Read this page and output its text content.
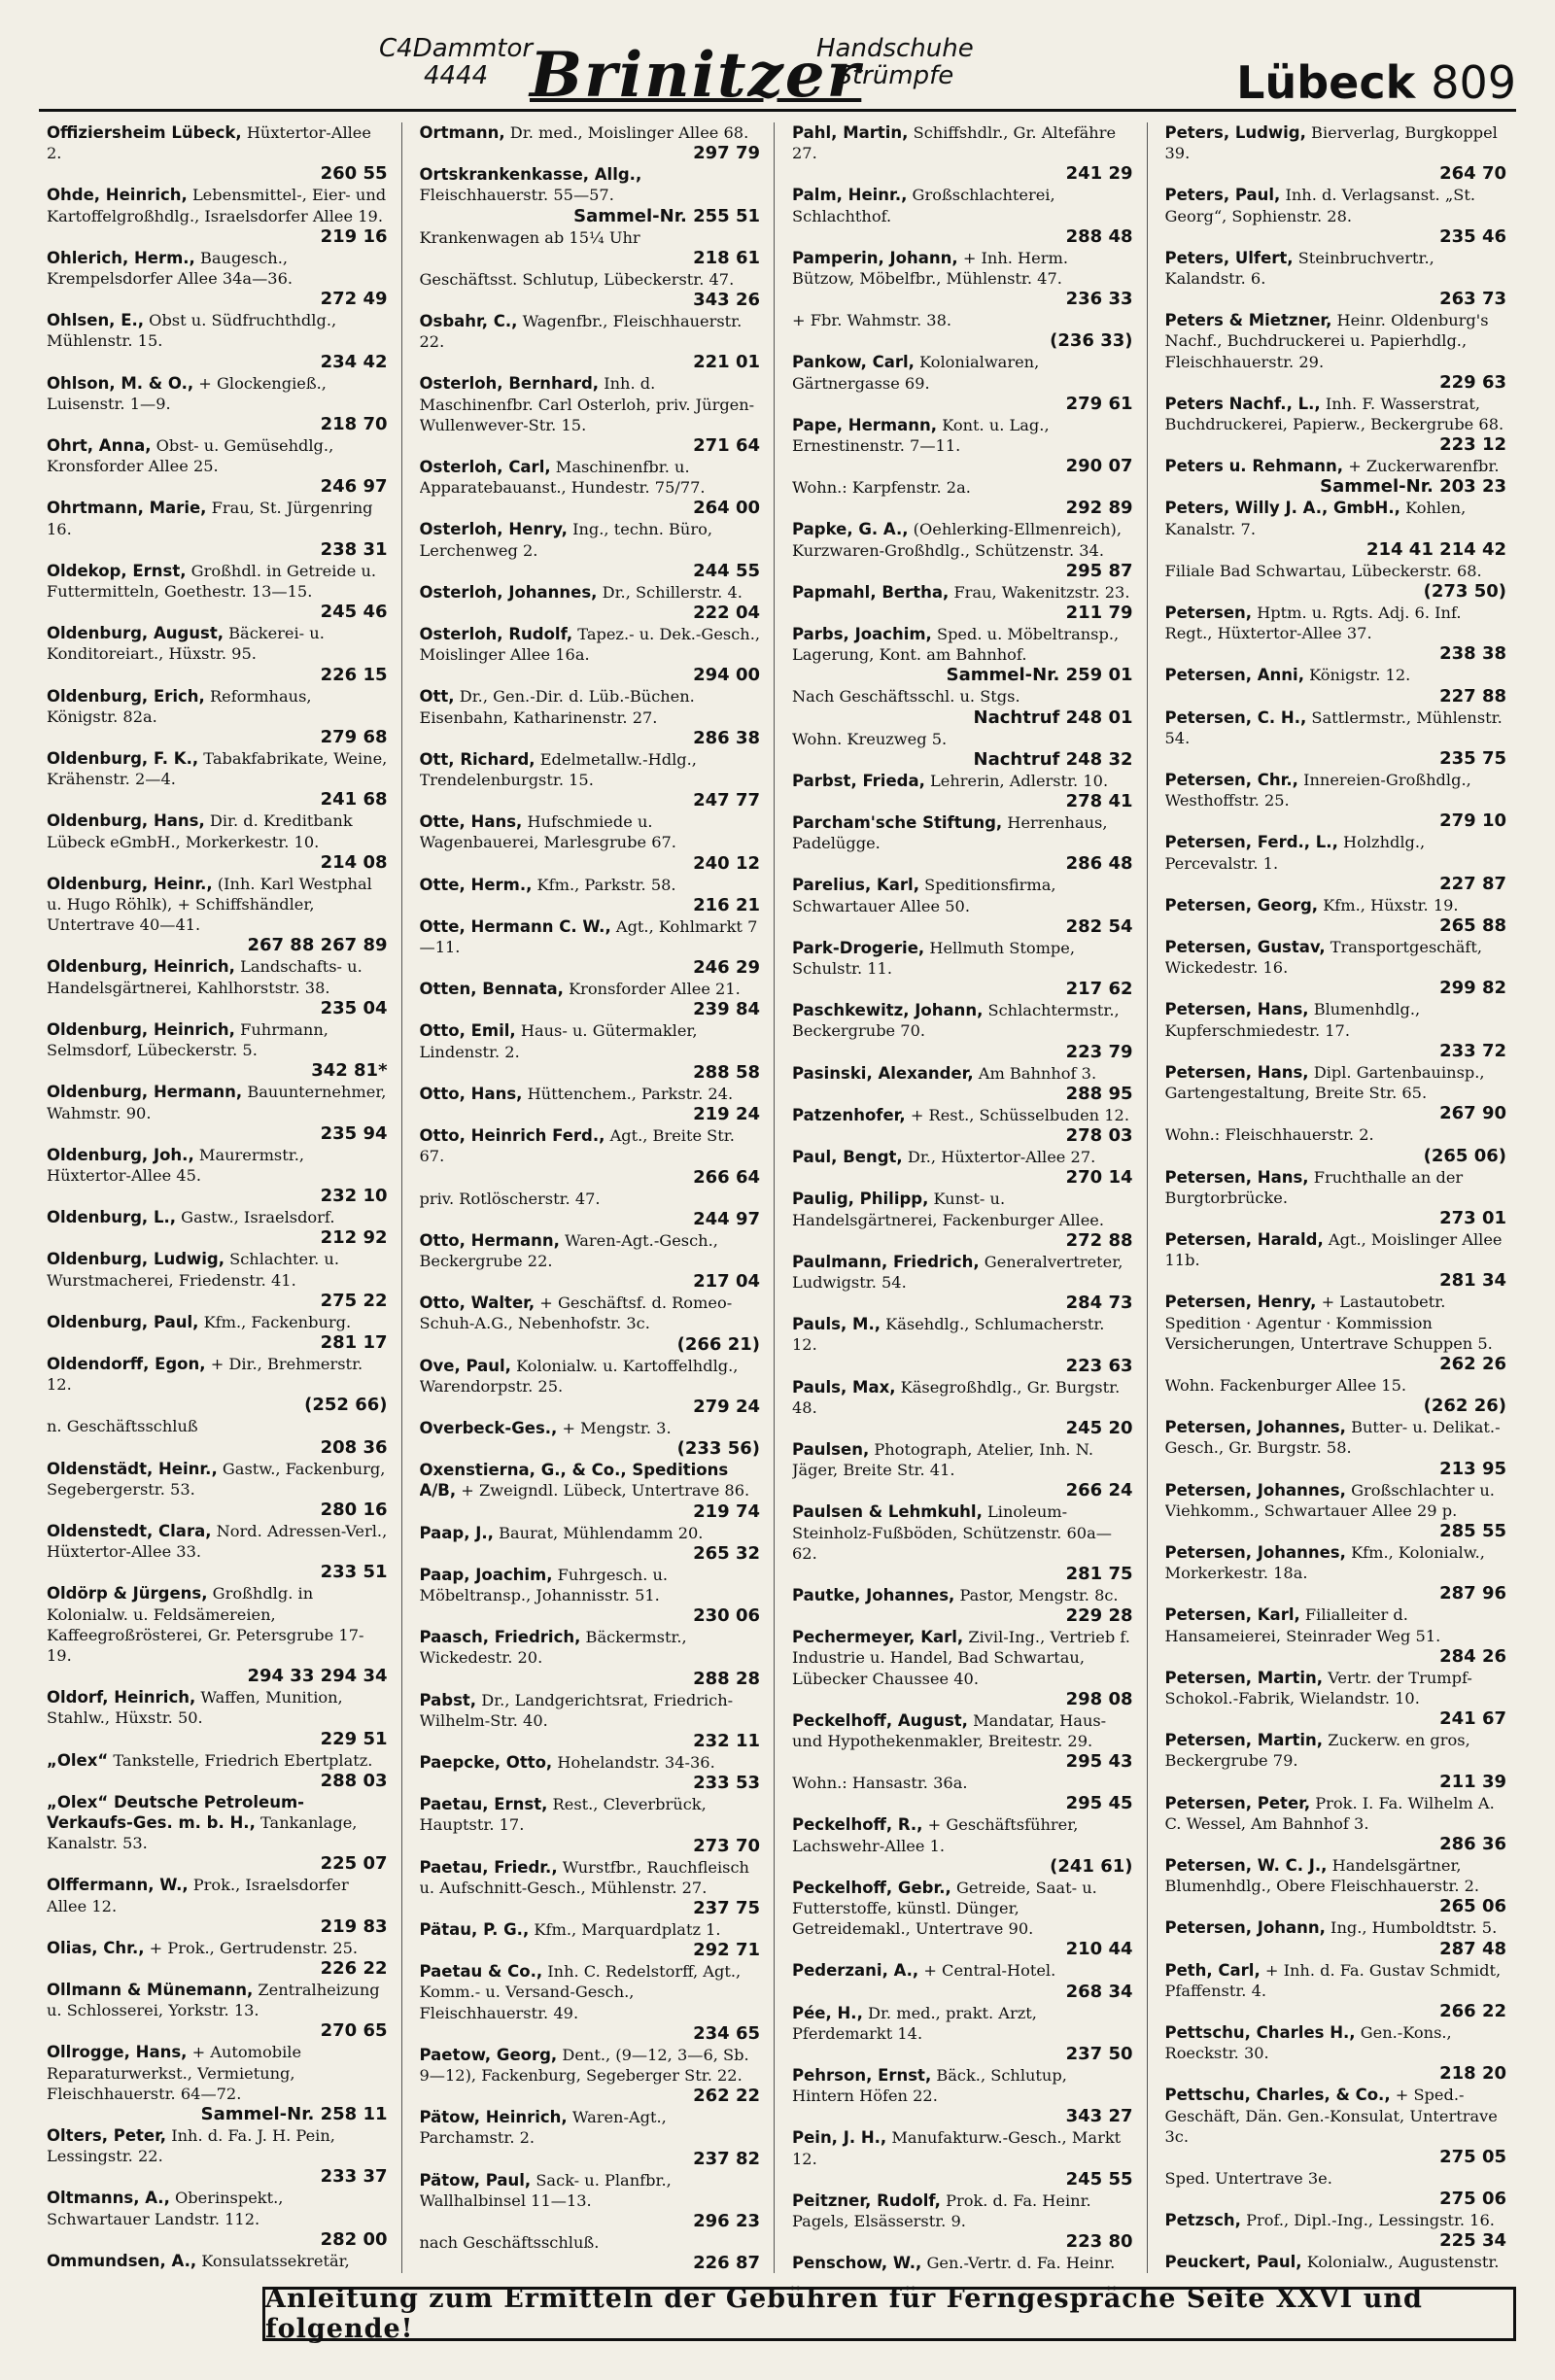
C4Dammtor
4444 Brinitzer
Handschuhe
Strümpfe	Lübeck 809
Offiziersheim Lübeck, Hüxtertor-Allee 2.
260 55
Ohde, Heinrich, Lebensmittel-, Eier- und Kartoffelgroßhdlg., Israelsdorfer Allee 19.
219 16
Ohlerich, Herm., Baugesch., Krempelsdorfer Allee 34a—36.
272 49
Ohlsen, E., Obst u. Südfruchthdlg., Mühlenstr. 15.
234 42
Ohlson, M. & O., + Glockengieß., Luisenstr. 1—9.
218 70
Ohrt, Anna, Obst- u. Gemüsehdlg., Kronsforder Allee 25.
246 97
Ohrtmann, Marie, Frau, St. Jürgenring 16.
238 31
Oldekop, Ernst, Großhdl. in Getreide u. Futtermitteln, Goethestr. 13—15.
245 46
Oldenburg, August, Bäckerei- u. Konditoreiart., Hüxstr. 95.
226 15
Oldenburg, Erich, Reformhaus, Königstr. 82a.
279 68
Oldenburg, F. K., Tabakfabrikate, Weine, Krähenstr. 2—4.
241 68
Oldenburg, Hans, Dir. d. Kreditbank Lübeck eGmbH., Morkerkestr. 10.
214 08
Oldenburg, Heinr., (Inh. Karl Westphal u. Hugo Röhlk), + Schiffshändler, Untertrave 40—41.
267 88 267 89
Oldenburg, Heinrich, Landschafts- u. Handelsgärtnerei, Kahlhorststr. 38.
235 04
Oldenburg, Heinrich, Fuhrmann, Selmsdorf, Lübeckerstr. 5.
342 81*
Oldenburg, Hermann, Bauunternehmer, Wahmstr. 90.
235 94
Oldenburg, Joh., Maurermstr., Hüxtertor-Allee 45.
232 10
Oldenburg, L., Gastw., Israelsdorf.
212 92
Oldenburg, Ludwig, Schlachter. u. Wurstmacherei, Friedenstr. 41.
275 22
Oldenburg, Paul, Kfm., Fackenburg.
281 17
Oldendorff, Egon, + Dir., Brehmerstr. 12.
(252 66)
n. Geschäftsschluß
208 36
Oldenstädt, Heinr., Gastw., Fackenburg, Segebergerstr. 53.
280 16
Oldenstedt, Clara, Nord. Adressen-Verl., Hüxtertor-Allee 33.
233 51
Oldörp & Jürgens, Großhdlg. in Kolonialw. u. Feldsämereien, Kaffeegroßrösterei, Gr. Petersgrube 17-19.
294 33 294 34
Oldorf, Heinrich, Waffen, Munition, Stahlw., Hüxstr. 50.
229 51
„Olex“ Tankstelle, Friedrich Ebertplatz.
288 03
„Olex“ Deutsche Petroleum-Verkaufs-Ges. m. b. H., Tankanlage, Kanalstr. 53.
225 07
Olffermann, W., Prok., Israelsdorfer Allee 12.
219 83
Olias, Chr., + Prok., Gertrudenstr. 25.
226 22
Ollmann & Münemann, Zentralheizung u. Schlosserei, Yorkstr. 13.
270 65
Ollrogge, Hans, + Automobile Reparaturwerkst., Vermietung, Fleischhauerstr. 64—72.
Sammel-Nr. 258 11
Olters, Peter, Inh. d. Fa. J. H. Pein, Lessingstr. 22.
233 37
Oltmanns, A., Oberinspekt., Schwartauer Landstr. 112.
282 00
Ommundsen, A., Konsulatssekretär,
Ortmann, Dr. med., Moislinger Allee 68.
297 79
Ortskrankenkasse, Allg., Fleischhauerstr. 55—57.
Sammel-Nr. 255 51
Krankenwagen ab 15¼ Uhr
218 61
Geschäftsst. Schlutup, Lübeckerstr. 47.
343 26
Osbahr, C., Wagenfbr., Fleischhauerstr. 22.
221 01
Osterloh, Bernhard, Inh. d. Maschinenfbr. Carl Osterloh, priv. Jürgen-Wullenwever-Str. 15.
271 64
Osterloh, Carl, Maschinenfbr. u. Apparatebauanst., Hundestr. 75/77.
264 00
Osterloh, Henry, Ing., techn. Büro, Lerchenweg 2.
244 55
Osterloh, Johannes, Dr., Schillerstr. 4.
222 04
Osterloh, Rudolf, Tapez.- u. Dek.-Gesch., Moislinger Allee 16a.
294 00
Ott, Dr., Gen.-Dir. d. Lüb.-Büchen. Eisenbahn, Katharinenstr. 27.
286 38
Ott, Richard, Edelmetallw.-Hdlg., Trendelenburgstr. 15.
247 77
Otte, Hans, Hufschmiede u. Wagenbauerei, Marlesgrube 67.
240 12
Otte, Herm., Kfm., Parkstr. 58.
216 21
Otte, Hermann C. W., Agt., Kohlmarkt 7—11.
246 29
Otten, Bennata, Kronsforder Allee 21.
239 84
Otto, Emil, Haus- u. Gütermakler, Lindenstr. 2.
288 58
Otto, Hans, Hüttenchem., Parkstr. 24.
219 24
Otto, Heinrich Ferd., Agt., Breite Str. 67.
266 64
priv. Rotlöscherstr. 47.
244 97
Otto, Hermann, Waren-Agt.-Gesch., Beckergrube 22.
217 04
Otto, Walter, + Geschäftsf. d. Romeo-Schuh-A.G., Nebenhofstr. 3c.
(266 21)
Ove, Paul, Kolonialw. u. Kartoffelhdlg., Warendorpstr. 25.
279 24
Overbeck-Ges., + Mengstr. 3.
(233 56)
Oxenstierna, G., & Co., Speditions A/B, + Zweigndl. Lübeck, Untertrave 86.
219 74
Paap, J., Baurat, Mühlendamm 20.
265 32
Paap, Joachim, Fuhrgesch. u. Möbeltransp., Johannisstr. 51.
230 06
Paasch, Friedrich, Bäckermstr., Wickedestr. 20.
288 28
Pabst, Dr., Landgerichtsrat, Friedrich-Wilhelm-Str. 40.
232 11
Paepcke, Otto, Hohelandstr. 34-36.
233 53
Paetau, Ernst, Rest., Cleverbrück, Hauptstr. 17.
273 70
Paetau, Friedr., Wurstfbr., Rauchfleisch u. Aufschnitt-Gesch., Mühlenstr. 27.
237 75
Pätau, P. G., Kfm., Marquardplatz 1.
292 71
Paetau & Co., Inh. C. Redelstorff, Agt., Komm.- u. Versand-Gesch., Fleischhauerstr. 49.
234 65
Paetow, Georg, Dent., (9—12, 3—6, Sb. 9—12), Fackenburg, Segeberger Str. 22.
262 22
Pätow, Heinrich, Waren-Agt., Parchamstr. 2.
237 82
Pätow, Paul, Sack- u. Planfbr., Wallhalbinsel 11—13.
296 23
nach Geschäftsschluß.
226 87
Pahl, Martin, Schiffshdlr., Gr. Altefähre 27.
241 29
Palm, Heinr., Großschlachterei, Schlachthof.
288 48
Pamperin, Johann, + Inh. Herm. Bützow, Möbelfbr., Mühlenstr. 47.
236 33
+ Fbr. Wahmstr. 38.
(236 33)
Pankow, Carl, Kolonialwaren, Gärtnergasse 69.
279 61
Pape, Hermann, Kont. u. Lag., Ernestinenstr. 7—11.
290 07
Wohn.: Karpfenstr. 2a.
292 89
Papke, G. A., (Oehlerking-Ellmenreich), Kurzwaren-Großhdlg., Schützenstr. 34.
295 87
Papmahl, Bertha, Frau, Wakenitzstr. 23.
211 79
Parbs, Joachim, Sped. u. Möbeltransp., Lagerung, Kont. am Bahnhof.
Sammel-Nr. 259 01
Nach Geschäftsschl. u. Stgs.
Nachtruf 248 01
Wohn. Kreuzweg 5.
Nachtruf 248 32
Parbst, Frieda, Lehrerin, Adlerstr. 10.
278 41
Parcham'sche Stiftung, Herrenhaus, Padelügge.
286 48
Parelius, Karl, Speditionsfirma, Schwartauer Allee 50.
282 54
Park-Drogerie, Hellmuth Stompe, Schulstr. 11.
217 62
Paschkewitz, Johann, Schlachtermstr., Beckergrube 70.
223 79
Pasinski, Alexander, Am Bahnhof 3.
288 95
Patzenhofer, + Rest., Schüsselbuden 12.
278 03
Paul, Bengt, Dr., Hüxtertor-Allee 27.
270 14
Paulig, Philipp, Kunst- u. Handelsgärtnerei, Fackenburger Allee.
272 88
Paulmann, Friedrich, Generalvertreter, Ludwigstr. 54.
284 73
Pauls, M., Käsehdlg., Schlumacherstr. 12.
223 63
Pauls, Max, Käsegroßhdlg., Gr. Burgstr. 48.
245 20
Paulsen, Photograph, Atelier, Inh. N. Jäger, Breite Str. 41.
266 24
Paulsen & Lehmkuhl, Linoleum-Steinholz-Fußböden, Schützenstr. 60a—62.
281 75
Pautke, Johannes, Pastor, Mengstr. 8c.
229 28
Pechermeyer, Karl, Zivil-Ing., Vertrieb f. Industrie u. Handel, Bad Schwartau, Lübecker Chaussee 40.
298 08
Peckelhoff, August, Mandatar, Haus- und Hypothekenmakler, Breitestr. 29.
295 43
Wohn.: Hansastr. 36a.
295 45
Peckelhoff, R., + Geschäftsführer, Lachswehr-Allee 1.
(241 61)
Peckelhoff, Gebr., Getreide, Saat- u. Futterstoffe, künstl. Dünger, Getreidemakl., Untertrave 90.
210 44
Pederzani, A., + Central-Hotel.
268 34
Pée, H., Dr. med., prakt. Arzt, Pferdemarkt 14.
237 50
Pehrson, Ernst, Bäck., Schlutup, Hintern Höfen 22.
343 27
Pein, J. H., Manufakturw.-Gesch., Markt 12.
245 55
Peitzner, Rudolf, Prok. d. Fa. Heinr. Pagels, Elsässerstr. 9.
223 80
Penschow, W., Gen.-Vertr. d. Fa. Heinr.
Peters, Ludwig, Bierverlag, Burgkoppel 39.
264 70
Peters, Paul, Inh. d. Verlagsanst. „St. Georg“, Sophienstr. 28.
235 46
Peters, Ulfert, Steinbruchvertr., Kalandstr. 6.
263 73
Peters & Mietzner, Heinr. Oldenburg's Nachf., Buchdruckerei u. Papierhdlg., Fleischhauerstr. 29.
229 63
Peters Nachf., L., Inh. F. Wasserstrat, Buchdruckerei, Papierw., Beckergrube 68.
223 12
Peters u. Rehmann, + Zuckerwarenfbr.
Sammel-Nr. 203 23
Peters, Willy J. A., GmbH., Kohlen, Kanalstr. 7.
214 41 214 42
Filiale Bad Schwartau, Lübeckerstr. 68.
(273 50)
Petersen, Hptm. u. Rgts. Adj. 6. Inf. Regt., Hüxtertor-Allee 37.
238 38
Petersen, Anni, Königstr. 12.
227 88
Petersen, C. H., Sattlermstr., Mühlenstr. 54.
235 75
Petersen, Chr., Innereien-Großhdlg., Westhoffstr. 25.
279 10
Petersen, Ferd., L., Holzhdlg., Percevalstr. 1.
227 87
Petersen, Georg, Kfm., Hüxstr. 19.
265 88
Petersen, Gustav, Transportgeschäft, Wickedestr. 16.
299 82
Petersen, Hans, Blumenhdlg., Kupferschmiedestr. 17.
233 72
Petersen, Hans, Dipl. Gartenbauinsp., Gartengestaltung, Breite Str. 65.
267 90
Wohn.: Fleischhauerstr. 2.
(265 06)
Petersen, Hans, Fruchthalle an der Burgtorbrücke.
273 01
Petersen, Harald, Agt., Moislinger Allee 11b.
281 34
Petersen, Henry, + Lastautobetr. Spedition · Agentur · Kommission Versicherungen, Untertrave Schuppen 5.
262 26
Wohn. Fackenburger Allee 15.
(262 26)
Petersen, Johannes, Butter- u. Delikat.-Gesch., Gr. Burgstr. 58.
213 95
Petersen, Johannes, Großschlachter u. Viehkomm., Schwartauer Allee 29 p.
285 55
Petersen, Johannes, Kfm., Kolonialw., Morkerkestr. 18a.
287 96
Petersen, Karl, Filialleiter d. Hansameierei, Steinrader Weg 51.
284 26
Petersen, Martin, Vertr. der Trumpf-Schokol.-Fabrik, Wielandstr. 10.
241 67
Petersen, Martin, Zuckerw. en gros, Beckergrube 79.
211 39
Petersen, Peter, Prok. I. Fa. Wilhelm A. C. Wessel, Am Bahnhof 3.
286 36
Petersen, W. C. J., Handelsgärtner, Blumenhdlg., Obere Fleischhauerstr. 2.
265 06
Petersen, Johann, Ing., Humboldtstr. 5.
287 48
Peth, Carl, + Inh. d. Fa. Gustav Schmidt, Pfaffenstr. 4.
266 22
Pettschu, Charles H., Gen.-Kons., Roeckstr. 30.
218 20
Pettschu, Charles, & Co., + Sped.-Geschäft, Dän. Gen.-Konsulat, Untertrave 3c.
275 05
Sped. Untertrave 3e.
275 06
Petzsch, Prof., Dipl.-Ing., Lessingstr. 16.
225 34
Peuckert, Paul, Kolonialw., Augustenstr.
Anleitung zum Ermitteln der Gebühren für Ferngespräche Seite XXVI und folgende!
